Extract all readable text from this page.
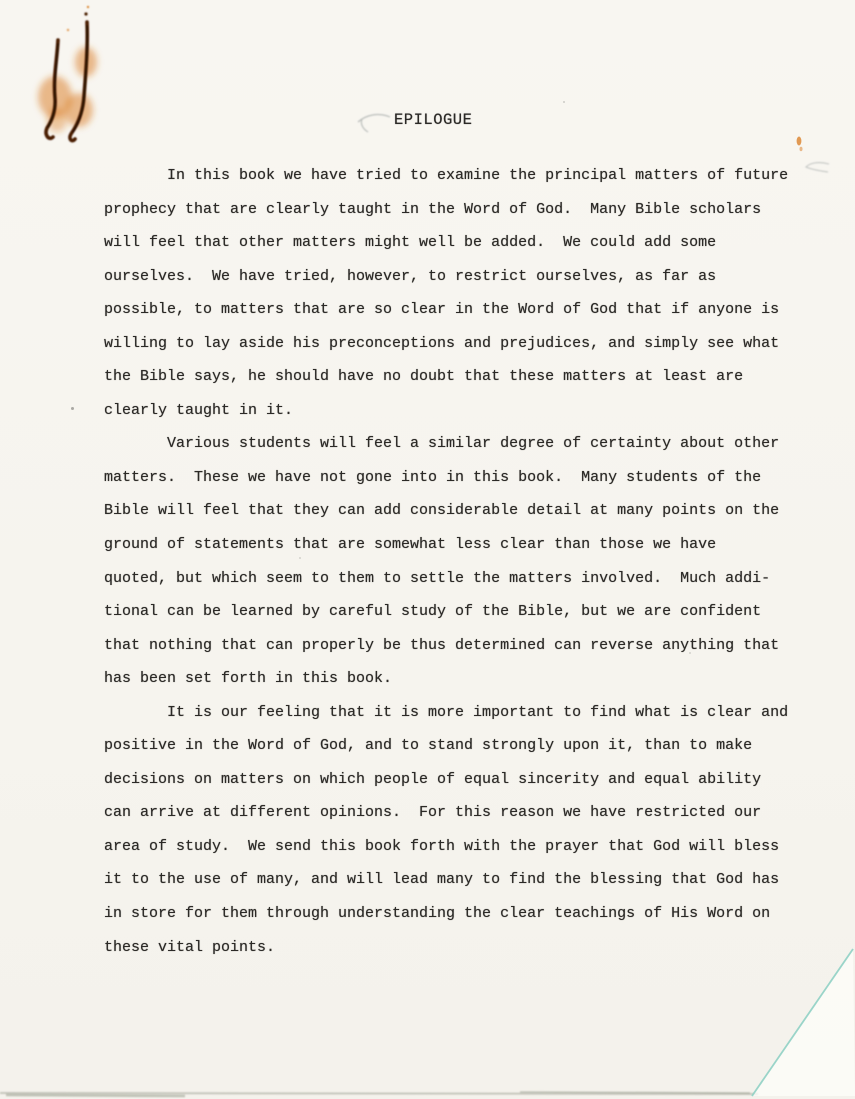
EPILOGUE
In this book we have tried to examine the principal matters of future
prophecy that are clearly taught in the Word of God.  Many Bible scholars
will feel that other matters might well be added.  We could add some
ourselves.  We have tried, however, to restrict ourselves, as far as
possible, to matters that are so clear in the Word of God that if anyone is
willing to lay aside his preconceptions and prejudices, and simply see what
the Bible says, he should have no doubt that these matters at least are
clearly taught in it.
Various students will feel a similar degree of certainty about other
matters.  These we have not gone into in this book.  Many students of the
Bible will feel that they can add considerable detail at many points on the
ground of statements that are somewhat less clear than those we have
quoted, but which seem to them to settle the matters involved.  Much addi-
tional can be learned by careful study of the Bible, but we are confident
that nothing that can properly be thus determined can reverse anything that
has been set forth in this book.
It is our feeling that it is more important to find what is clear and
positive in the Word of God, and to stand strongly upon it, than to make
decisions on matters on which people of equal sincerity and equal ability
can arrive at different opinions.  For this reason we have restricted our
area of study.  We send this book forth with the prayer that God will bless
it to the use of many, and will lead many to find the blessing that God has
in store for them through understanding the clear teachings of His Word on
these vital points.
